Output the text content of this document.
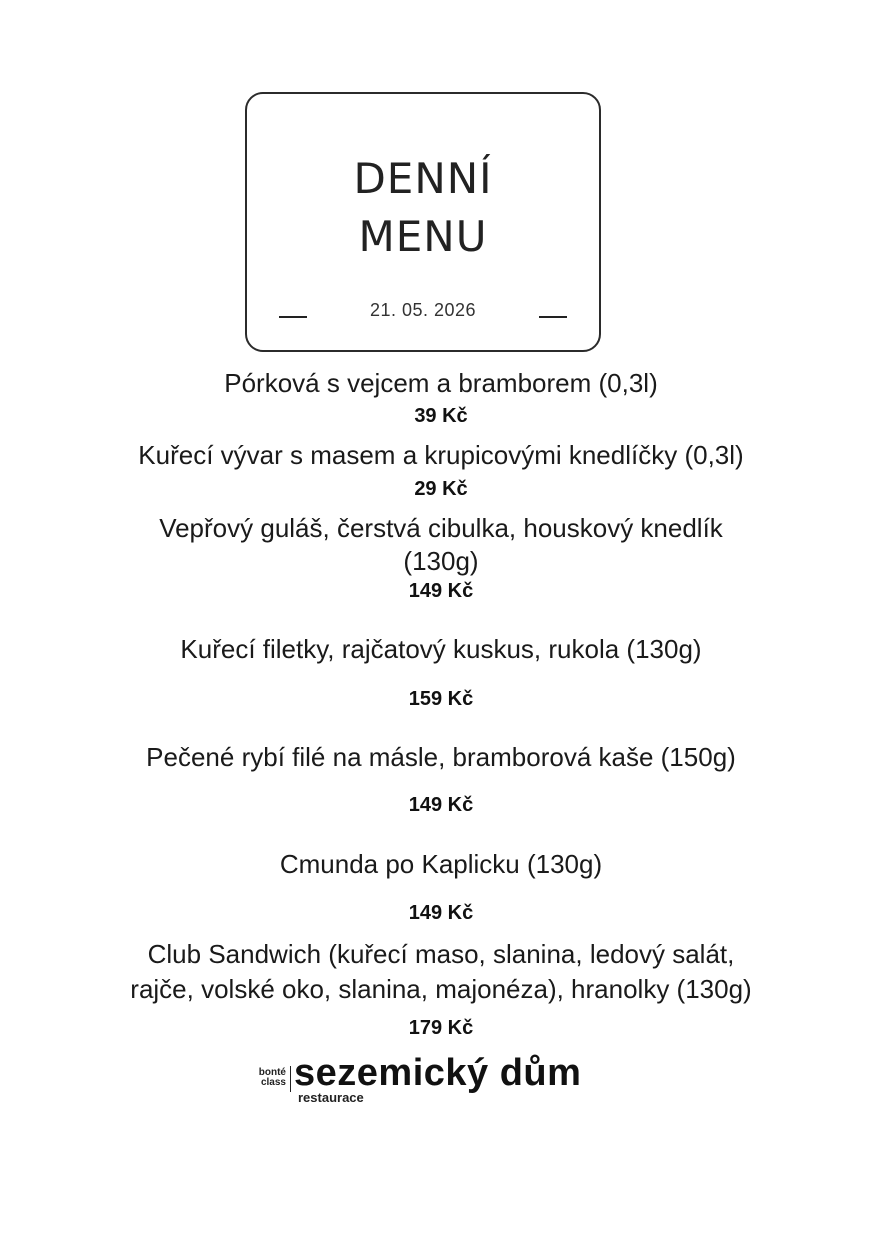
DENNÍ
MENU
21. 05. 2026
Pórková s vejcem a bramborem (0,3l)
39 Kč
Kuřecí vývar s masem a krupicovými knedlíčky (0,3l)
29 Kč
Vepřový guláš, čerstvá cibulka, houskový knedlík
(130g)
149 Kč
Kuřecí filetky, rajčatový kuskus, rukola (130g)
159 Kč
Pečené rybí filé na másle, bramborová kaše (150g)
149 Kč
Cmunda po Kaplicku (130g)
149 Kč
Club Sandwich (kuřecí maso, slanina, ledový salát,
rajče, volské oko, slanina, majonéza), hranolky (130g)
179 Kč
bonté
class sezemický dům
restaurace
